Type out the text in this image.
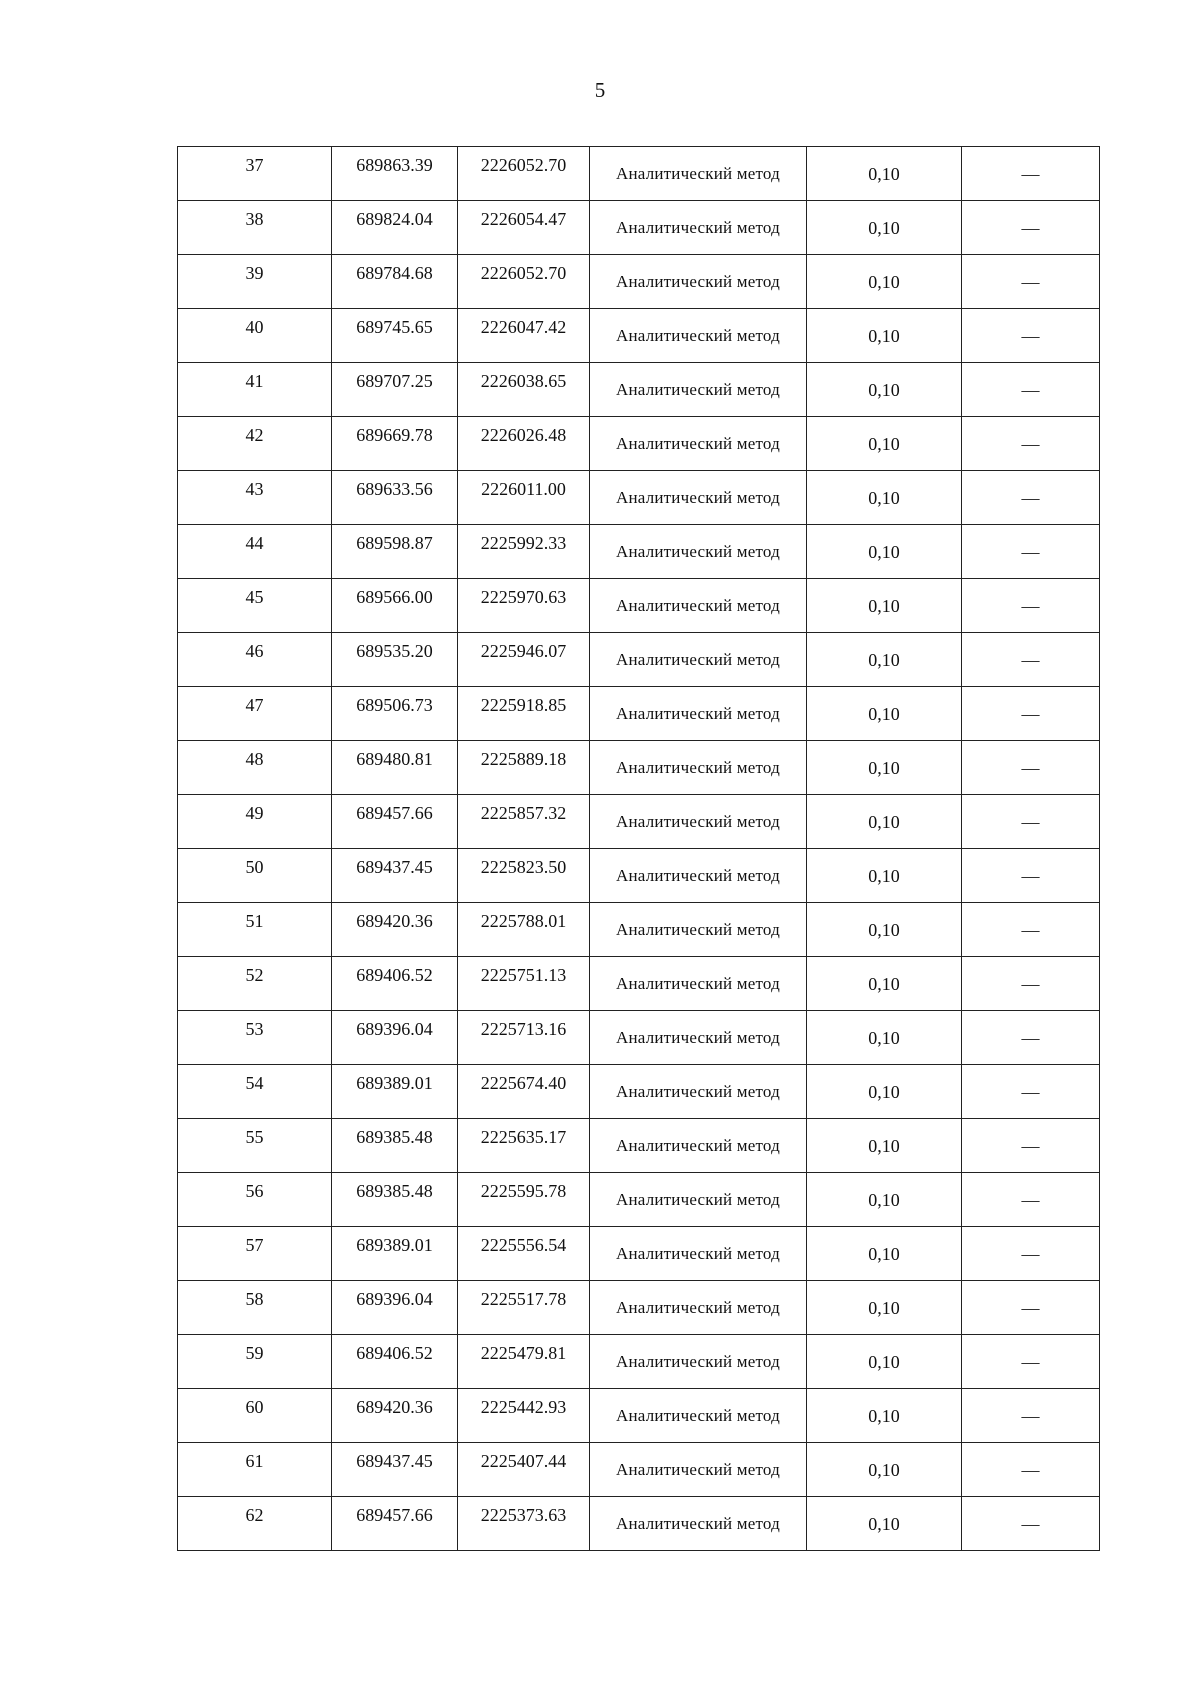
5
37	689863.39	2226052.70	Аналитический метод	0,10	—
38	689824.04	2226054.47	Аналитический метод	0,10	—
39	689784.68	2226052.70	Аналитический метод	0,10	—
40	689745.65	2226047.42	Аналитический метод	0,10	—
41	689707.25	2226038.65	Аналитический метод	0,10	—
42	689669.78	2226026.48	Аналитический метод	0,10	—
43	689633.56	2226011.00	Аналитический метод	0,10	—
44	689598.87	2225992.33	Аналитический метод	0,10	—
45	689566.00	2225970.63	Аналитический метод	0,10	—
46	689535.20	2225946.07	Аналитический метод	0,10	—
47	689506.73	2225918.85	Аналитический метод	0,10	—
48	689480.81	2225889.18	Аналитический метод	0,10	—
49	689457.66	2225857.32	Аналитический метод	0,10	—
50	689437.45	2225823.50	Аналитический метод	0,10	—
51	689420.36	2225788.01	Аналитический метод	0,10	—
52	689406.52	2225751.13	Аналитический метод	0,10	—
53	689396.04	2225713.16	Аналитический метод	0,10	—
54	689389.01	2225674.40	Аналитический метод	0,10	—
55	689385.48	2225635.17	Аналитический метод	0,10	—
56	689385.48	2225595.78	Аналитический метод	0,10	—
57	689389.01	2225556.54	Аналитический метод	0,10	—
58	689396.04	2225517.78	Аналитический метод	0,10	—
59	689406.52	2225479.81	Аналитический метод	0,10	—
60	689420.36	2225442.93	Аналитический метод	0,10	—
61	689437.45	2225407.44	Аналитический метод	0,10	—
62	689457.66	2225373.63	Аналитический метод	0,10	—
